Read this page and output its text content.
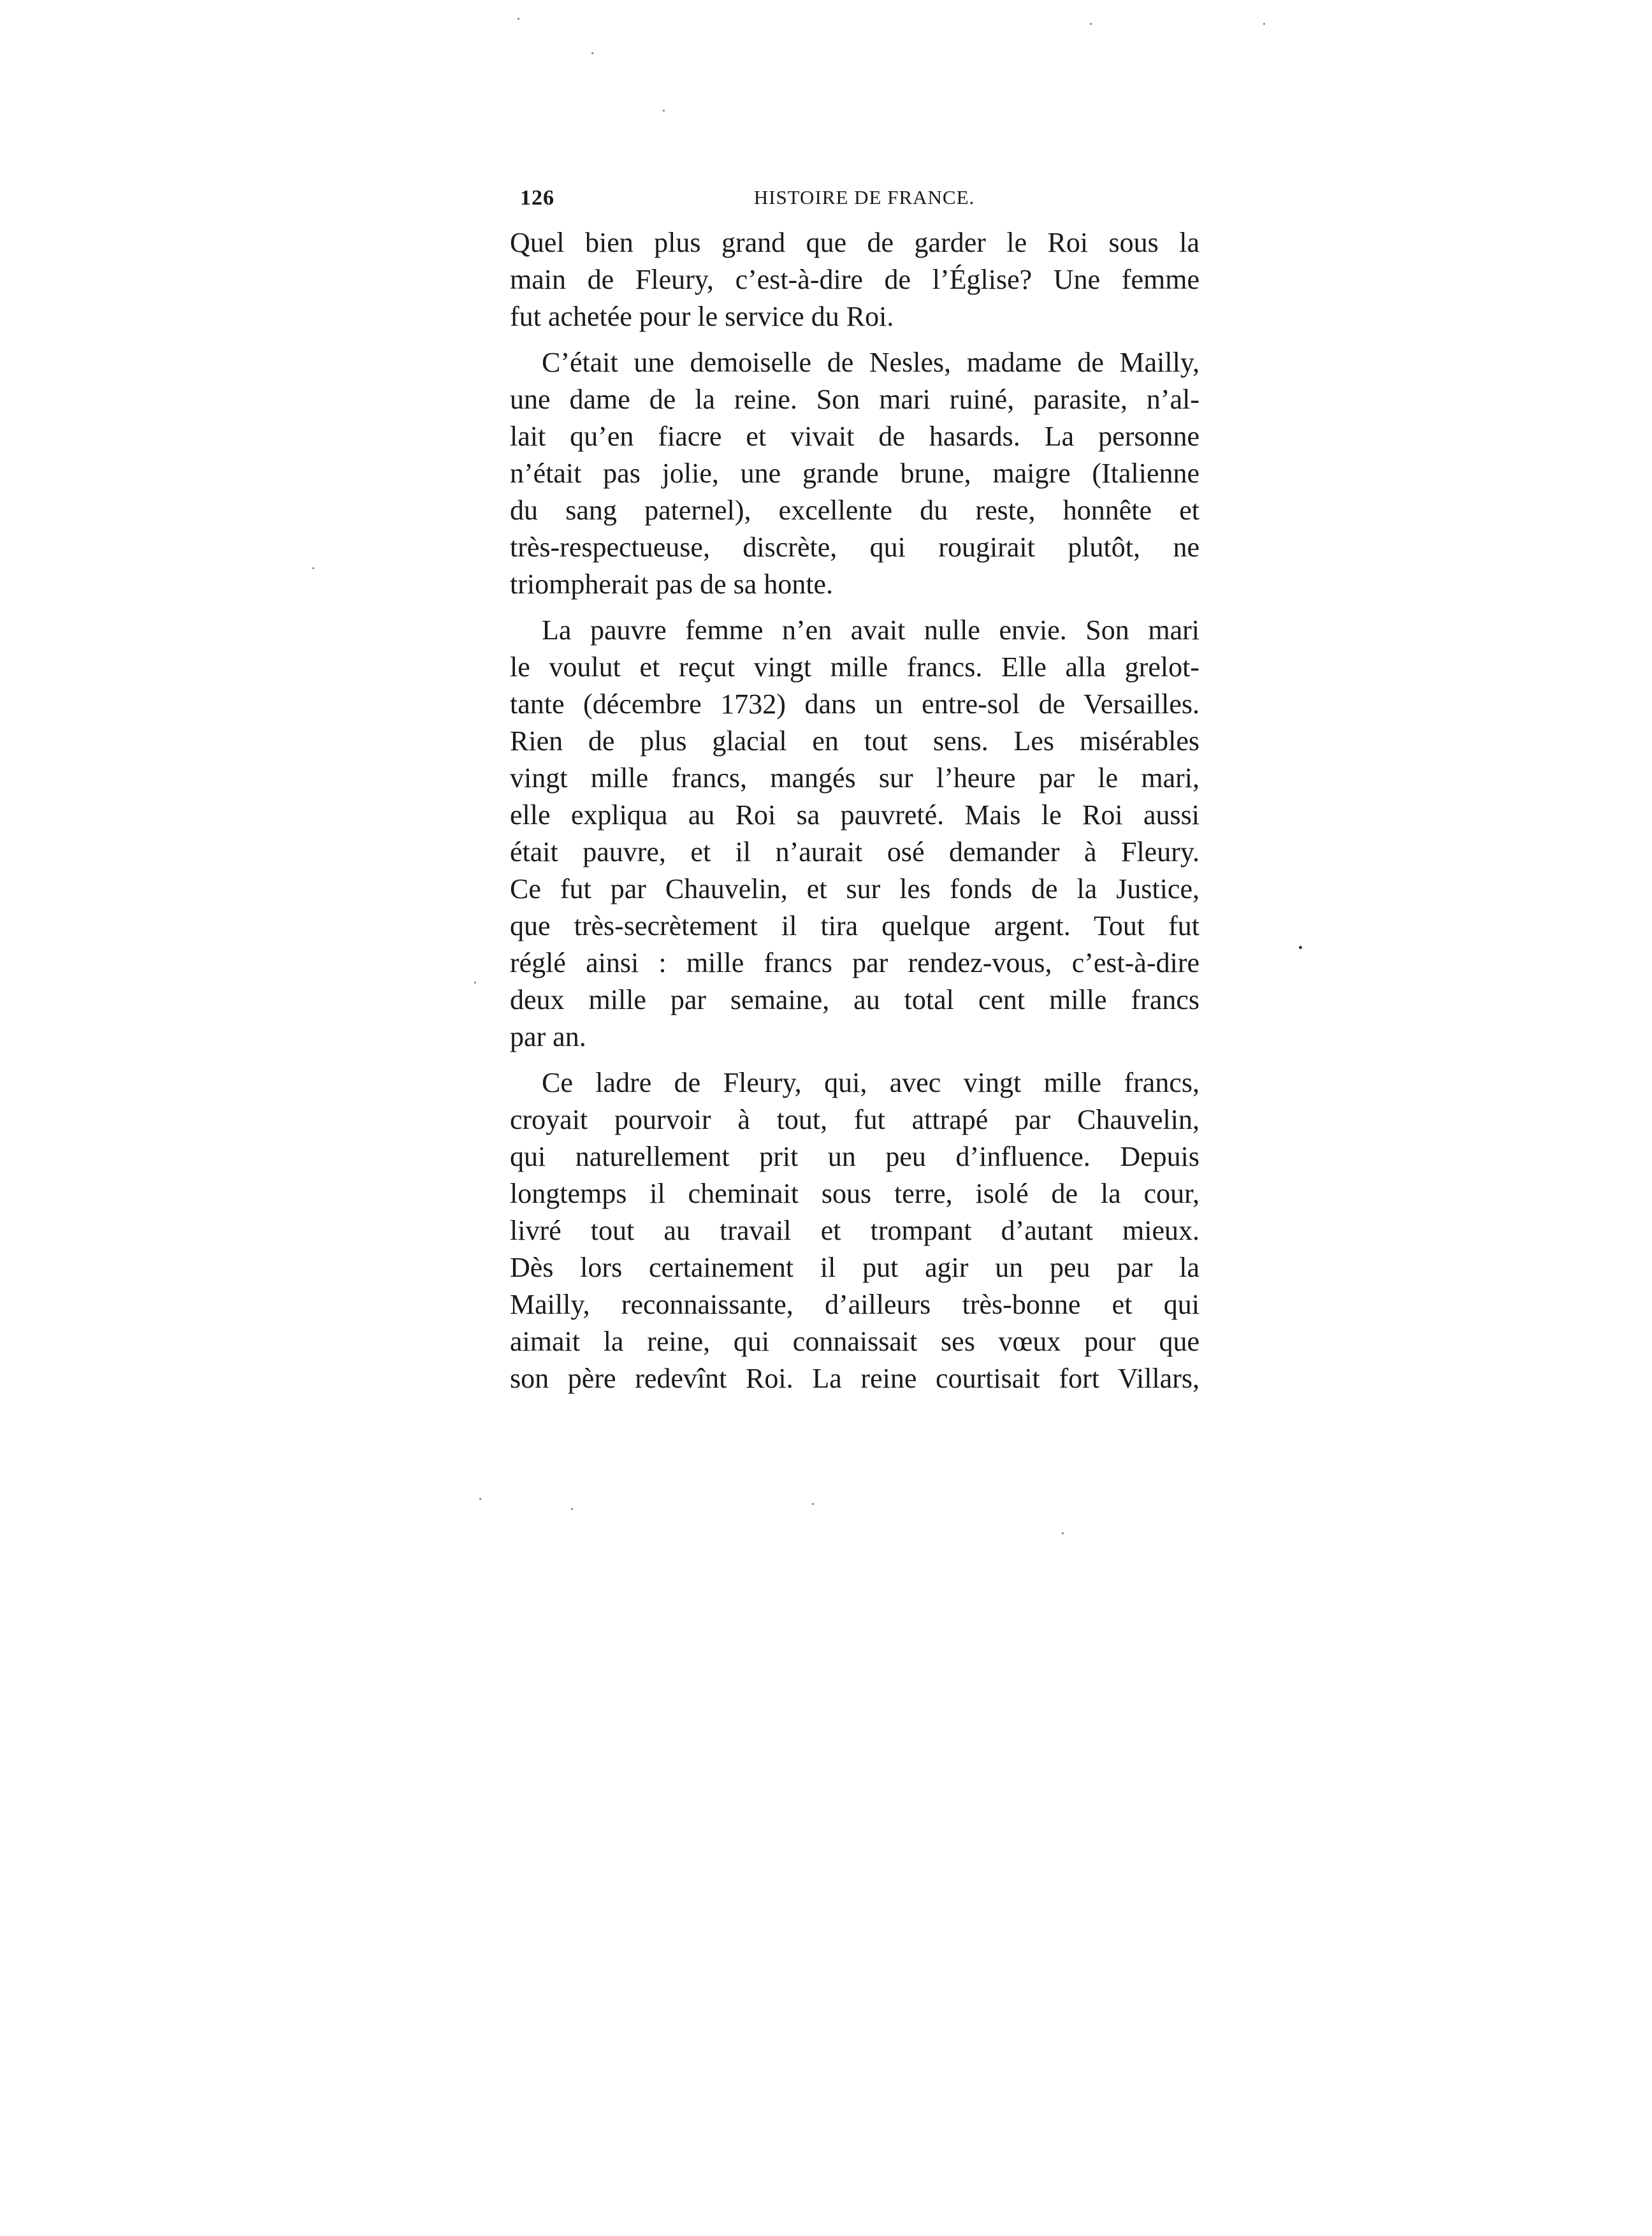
126	HISTOIRE DE FRANCE.
Quel bien plus grand que de garder le Roi sous la
main de Fleury, c’est-à-dire de l’Église? Une femme
fut achetée pour le service du Roi.
C’était une demoiselle de Nesles, madame de Mailly,
une dame de la reine. Son mari ruiné, parasite, n’al-
lait qu’en fiacre et vivait de hasards. La personne
n’était pas jolie, une grande brune, maigre (Italienne
du sang paternel), excellente du reste, honnête et
très-respectueuse, discrète, qui rougirait plutôt, ne
triompherait pas de sa honte.
La pauvre femme n’en avait nulle envie. Son mari
le voulut et reçut vingt mille francs. Elle alla grelot-
tante (décembre 1732) dans un entre-sol de Versailles.
Rien de plus glacial en tout sens. Les misérables
vingt mille francs, mangés sur l’heure par le mari,
elle expliqua au Roi sa pauvreté. Mais le Roi aussi
était pauvre, et il n’aurait osé demander à Fleury.
Ce fut par Chauvelin, et sur les fonds de la Justice,
que très-secrètement il tira quelque argent. Tout fut
réglé ainsi : mille francs par rendez-vous, c’est-à-dire
deux mille par semaine, au total cent mille francs
par an.
Ce ladre de Fleury, qui, avec vingt mille francs,
croyait pourvoir à tout, fut attrapé par Chauvelin,
qui naturellement prit un peu d’influence. Depuis
longtemps il cheminait sous terre, isolé de la cour,
livré tout au travail et trompant d’autant mieux.
Dès lors certainement il put agir un peu par la
Mailly, reconnaissante, d’ailleurs très-bonne et qui
aimait la reine, qui connaissait ses vœux pour que
son père redevînt Roi. La reine courtisait fort Villars,
